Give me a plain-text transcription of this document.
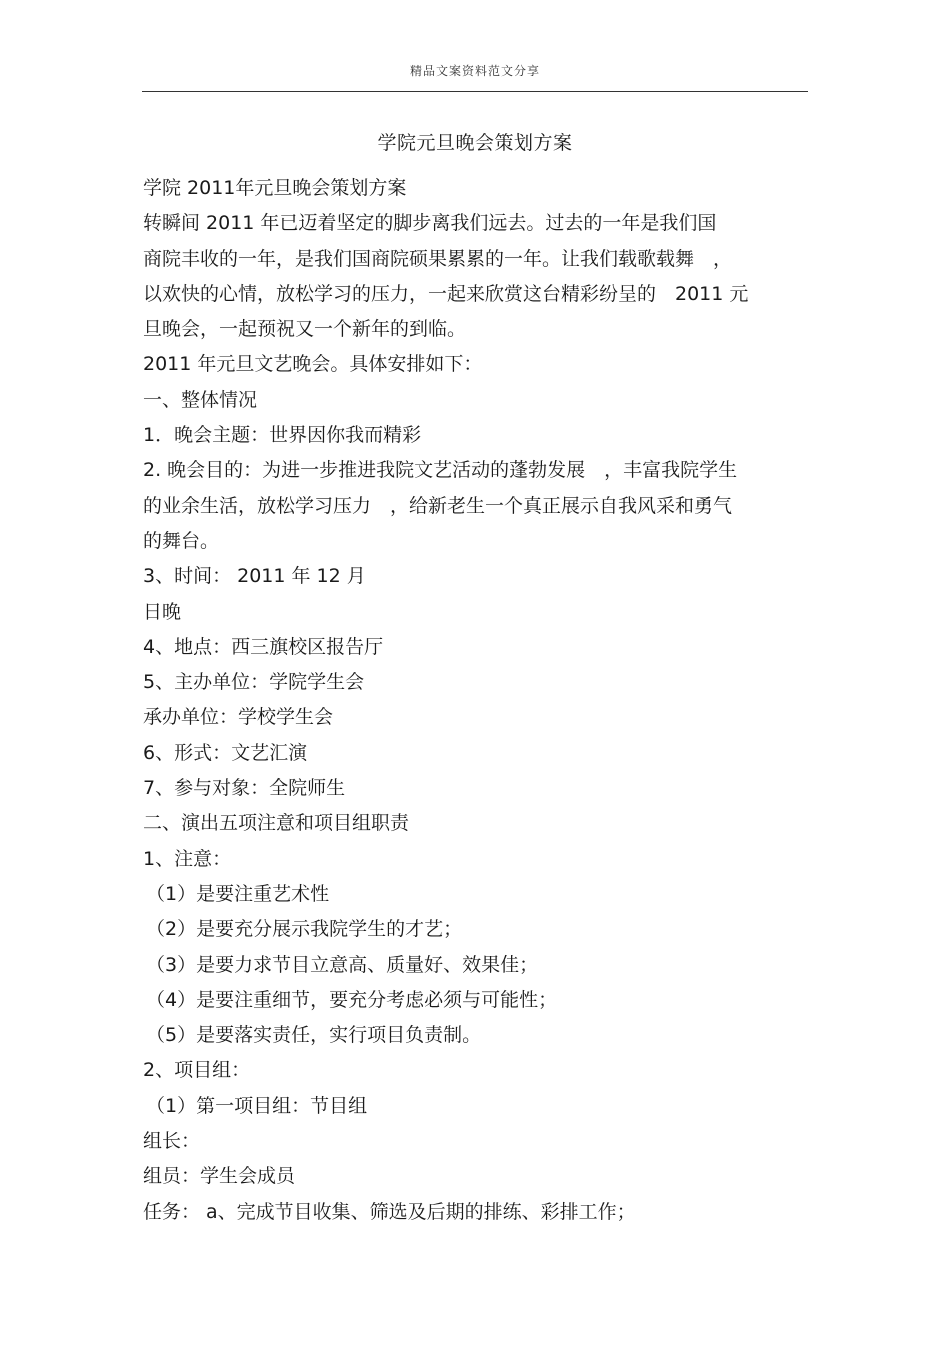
精品文案资料范文分享
学院元旦晚会策划方案
学院 2011年元旦晚会策划方案
转瞬间 2011 年已迈着坚定的脚步离我们远去。过去的一年是我们国
商院丰收的一年，是我们国商院硕果累累的一年。让我们载歌载舞　，
以欢快的心情，放松学习的压力，一起来欣赏这台精彩纷呈的　2011 元
旦晚会，一起预祝又一个新年的到临。
2011 年元旦文艺晚会。具体安排如下：
一、整体情况
1．晚会主题：世界因你我而精彩
2. 晚会目的：为进一步推进我院文艺活动的蓬勃发展　，丰富我院学生
的业余生活，放松学习压力　，给新老生一个真正展示自我风采和勇气
的舞台。
3、时间： 2011 年 12 月
日晚
4、地点：西三旗校区报告厅
5、主办单位：学院学生会
承办单位：学校学生会
6、形式：文艺汇演
7、参与对象：全院师生
二、演出五项注意和项目组职责
1、注意：
（1）是要注重艺术性
（2）是要充分展示我院学生的才艺；
（3）是要力求节目立意高、质量好、效果佳；
（4）是要注重细节，要充分考虑必须与可能性；
（5）是要落实责任，实行项目负责制。
2、项目组：
（1）第一项目组：节目组
组长：
组员：学生会成员
任务： a、完成节目收集、筛选及后期的排练、彩排工作；
